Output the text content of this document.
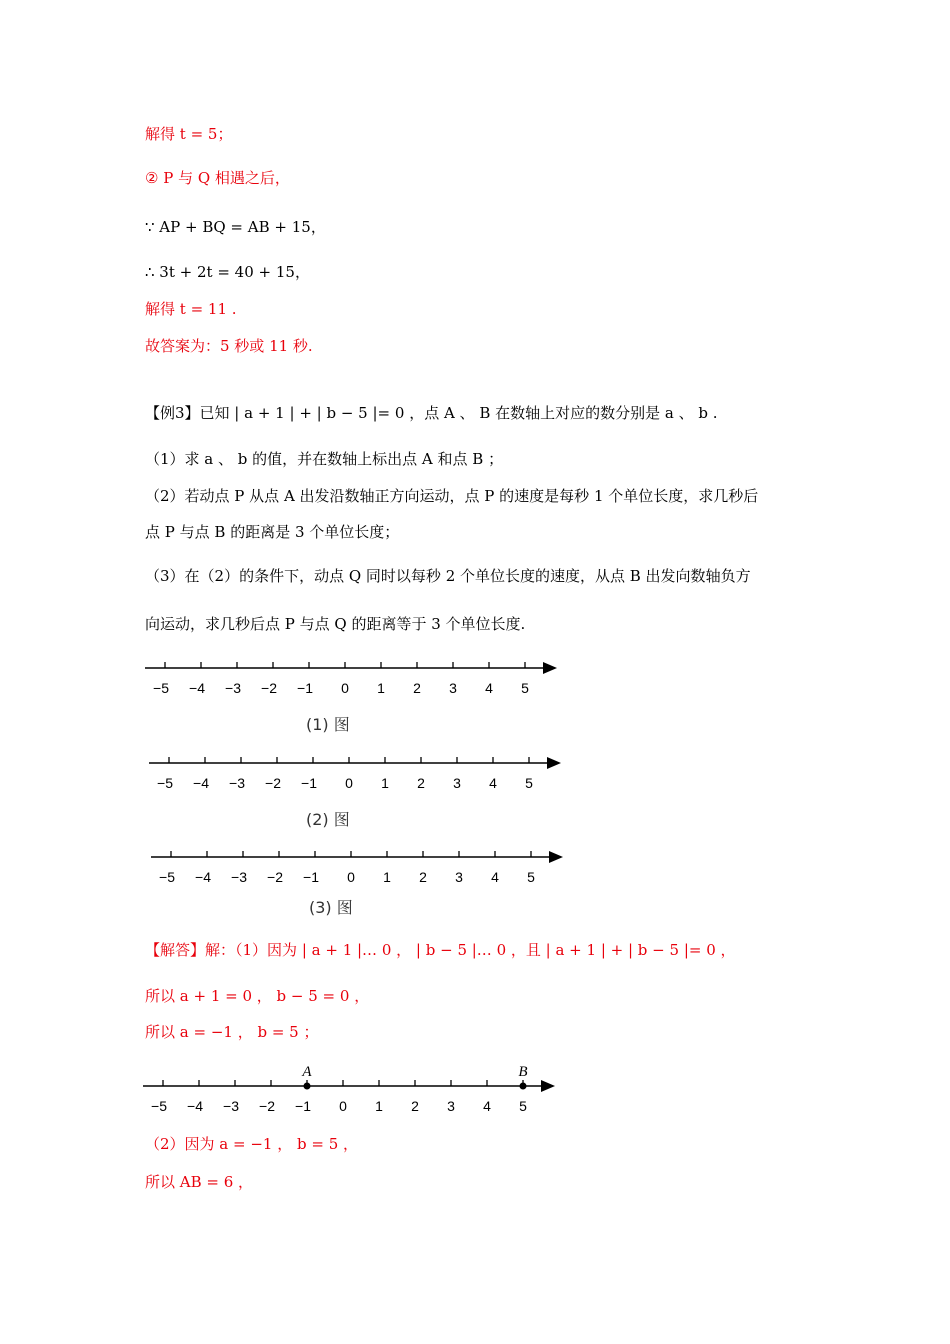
解得 t = 5；
② P 与 Q 相遇之后，
∵ AP + BQ = AB + 15，
∴ 3t + 2t = 40 + 15，
解得 t = 11 .
故答案为：5 秒或 11 秒.
【例3】已知 | a + 1 | + | b − 5 |= 0 ，点 A 、 B 在数轴上对应的数分别是 a 、 b .
（1）求 a 、 b 的值，并在数轴上标出点 A 和点 B ；
（2）若动点 P 从点 A 出发沿数轴正方向运动，点 P 的速度是每秒 1 个单位长度，求几秒后
点 P 与点 B 的距离是 3 个单位长度；
（3）在（2）的条件下，动点 Q 同时以每秒 2 个单位长度的速度，从点 B 出发向数轴负方
向运动，求几秒后点 P 与点 Q 的距离等于 3 个单位长度.
−5 −4 −3 −2 −1 0 1 2 3 4 5
(1) 图
−5 −4 −3 −2 −1 0 1 2 3 4 5
(2) 图
−5 −4 −3 −2 −1 0 1 2 3 4 5
(3) 图
【解答】解：（1）因为 | a + 1 |… 0 ， | b − 5 |… 0 ，且 | a + 1 | + | b − 5 |= 0 ，
所以 a + 1 = 0 ， b − 5 = 0 ，
所以 a = −1 ， b = 5 ；
−5 −4 −3 −2 −1 0 1 2 3 4 5
A	B
（2）因为 a = −1 ， b = 5 ，
所以 AB = 6 ，
